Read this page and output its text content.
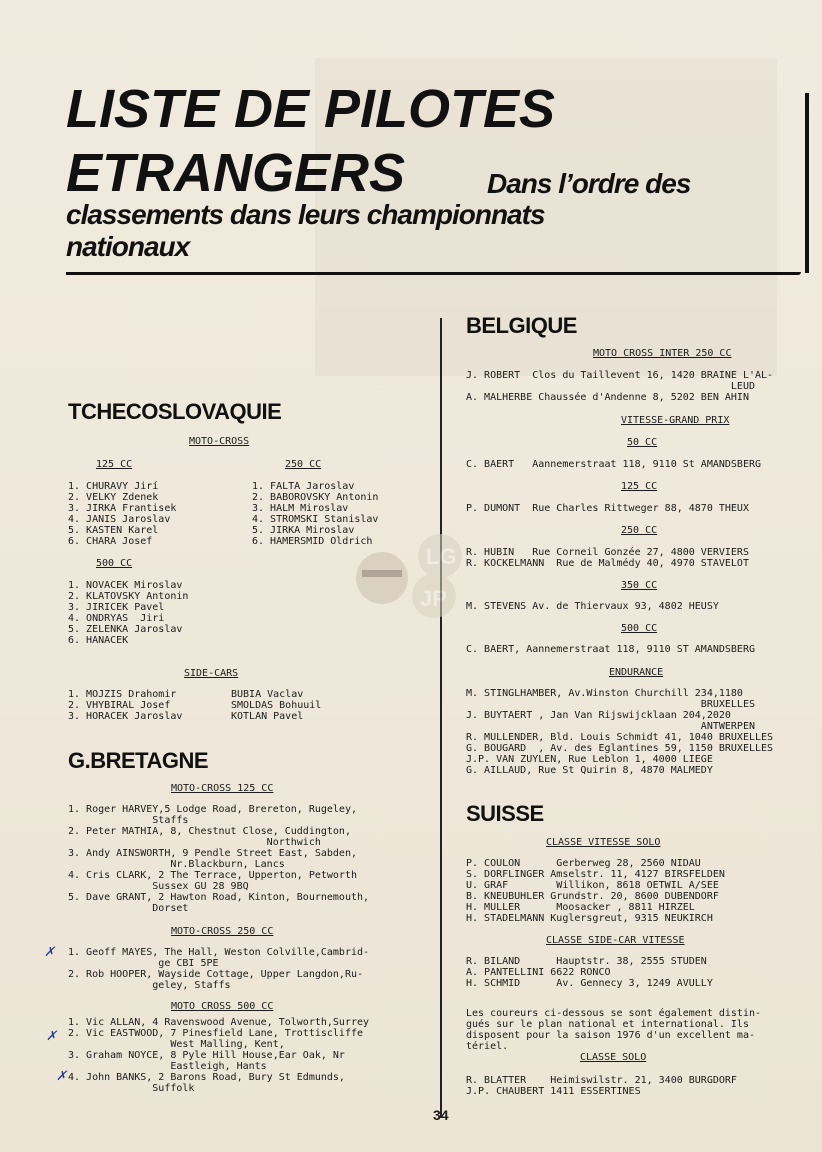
LISTE DE PILOTES
ETRANGERS	Dans l’ordre des
classements dans leurs championnats
nationaux
TCHECOSLOVAQUIE
MOTO-CROSS
125 CC	250 CC
1. CHURAVY Jirí
2. VELKY Zdenek
3. JIRKA Frantisek
4. JANIS Jaroslav
5. KASTEN Karel
6. CHARA Josef
1. FALTA Jaroslav
2. BABOROVSKY Antonin
3. HALM Miroslav
4. STROMSKI Stanislav
5. JIRKA Miroslav
6. HAMERSMID Oldrich
500 CC
1. NOVACEK Miroslav
2. KLATOVSKY Antonin
3. JIRICEK Pavel
4. ONDRYAS  Jiri
5. ZELENKA Jaroslav
6. HANACEK
SIDE-CARS
1. MOJZIS Drahomir
2. VHYBIRAL Josef
3. HORACEK Jaroslav
BUBIA Vaclav
SMOLDAS Bohuuil
KOTLAN Pavel
LG
JP
G.BRETAGNE
MOTO-CROSS 125 CC
1. Roger HARVEY,5 Lodge Road, Brereton, Rugeley,
Staffs
2. Peter MATHIA, 8, Chestnut Close, Cuddington,
Northwich
3. Andy AINSWORTH, 9 Pendle Street East, Sabden,
Nr.Blackburn, Lancs
4. Cris CLARK, 2 The Terrace, Upperton, Petworth
Sussex GU 28 9BQ
5. Dave GRANT, 2 Hawton Road, Kinton, Bournemouth,
Dorset
MOTO-CROSS 250 CC
1. Geoff MAYES, The Hall, Weston Colville,Cambrid-
ge CBI 5PE
2. Rob HOOPER, Wayside Cottage, Upper Langdon,Ru-
geley, Staffs
MOTO CROSS 500 CC
1. Vic ALLAN, 4 Ravenswood Avenue, Tolworth,Surrey
2. Vic EASTWOOD, 7 Pinesfield Lane, Trottiscliffe
West Malling, Kent,
3. Graham NOYCE, 8 Pyle Hill House,Ear Oak, Nr
Eastleigh, Hants
4. John BANKS, 2 Barons Road, Bury St Edmunds,
Suffolk
✗
✗
✗
BELGIQUE
MOTO CROSS INTER 250 CC
J. ROBERT  Clos du Taillevent 16, 1420 BRAINE L'AL-
LEUD
A. MALHERBE Chaussée d'Andenne 8, 5202 BEN AHIN
VITESSE-GRAND PRIX
50 CC
C. BAERT   Aannemerstraat 118, 9110 St AMANDSBERG
125 CC
P. DUMONT  Rue Charles Rittweger 88, 4870 THEUX
250 CC
R. HUBIN   Rue Corneil Gonzée 27, 4800 VERVIERS
R. KOCKELMANN  Rue de Malmédy 40, 4970 STAVELOT
350 CC
M. STEVENS Av. de Thiervaux 93, 4802 HEUSY
500 CC
C. BAERT, Aannemerstraat 118, 9110 ST AMANDSBERG
ENDURANCE
M. STINGLHAMBER, Av.Winston Churchill 234,1180
BRUXELLES
J. BUYTAERT , Jan Van Rijswijcklaan 204,2020
ANTWERPEN
R. MULLENDER, Bld. Louis Schmidt 41, 1040 BRUXELLES
G. BOUGARD  , Av. des Eglantines 59, 1150 BRUXELLES
J.P. VAN ZUYLEN, Rue Leblon 1, 4000 LIEGE
G. AILLAUD, Rue St Quirin 8, 4870 MALMEDY
SUISSE
CLASSE VITESSE SOLO
P. COULON      Gerberweg 28, 2560 NIDAU
S. DORFLINGER Amselstr. 11, 4127 BIRSFELDEN
U. GRAF        Willikon, 8618 OETWIL A/SEE
B. KNEUBUHLER Grundstr. 20, 8600 DUBENDORF
H. MULLER      Moosacker , 8811 HIRZEL
H. STADELMANN Kuglersgreut, 9315 NEUKIRCH
CLASSE SIDE-CAR VITESSE
R. BILAND      Hauptstr. 38, 2555 STUDEN
A. PANTELLINI 6622 RONCO
H. SCHMID      Av. Gennecy 3, 1249 AVULLY
Les coureurs ci-dessous se sont également distin-
gués sur le plan national et international. Ils
disposent pour la saison 1976 d'un excellent ma-
tériel.
CLASSE SOLO
R. BLATTER    Heimiswilstr. 21, 3400 BURGDORF
J.P. CHAUBERT 1411 ESSERTINES
34
